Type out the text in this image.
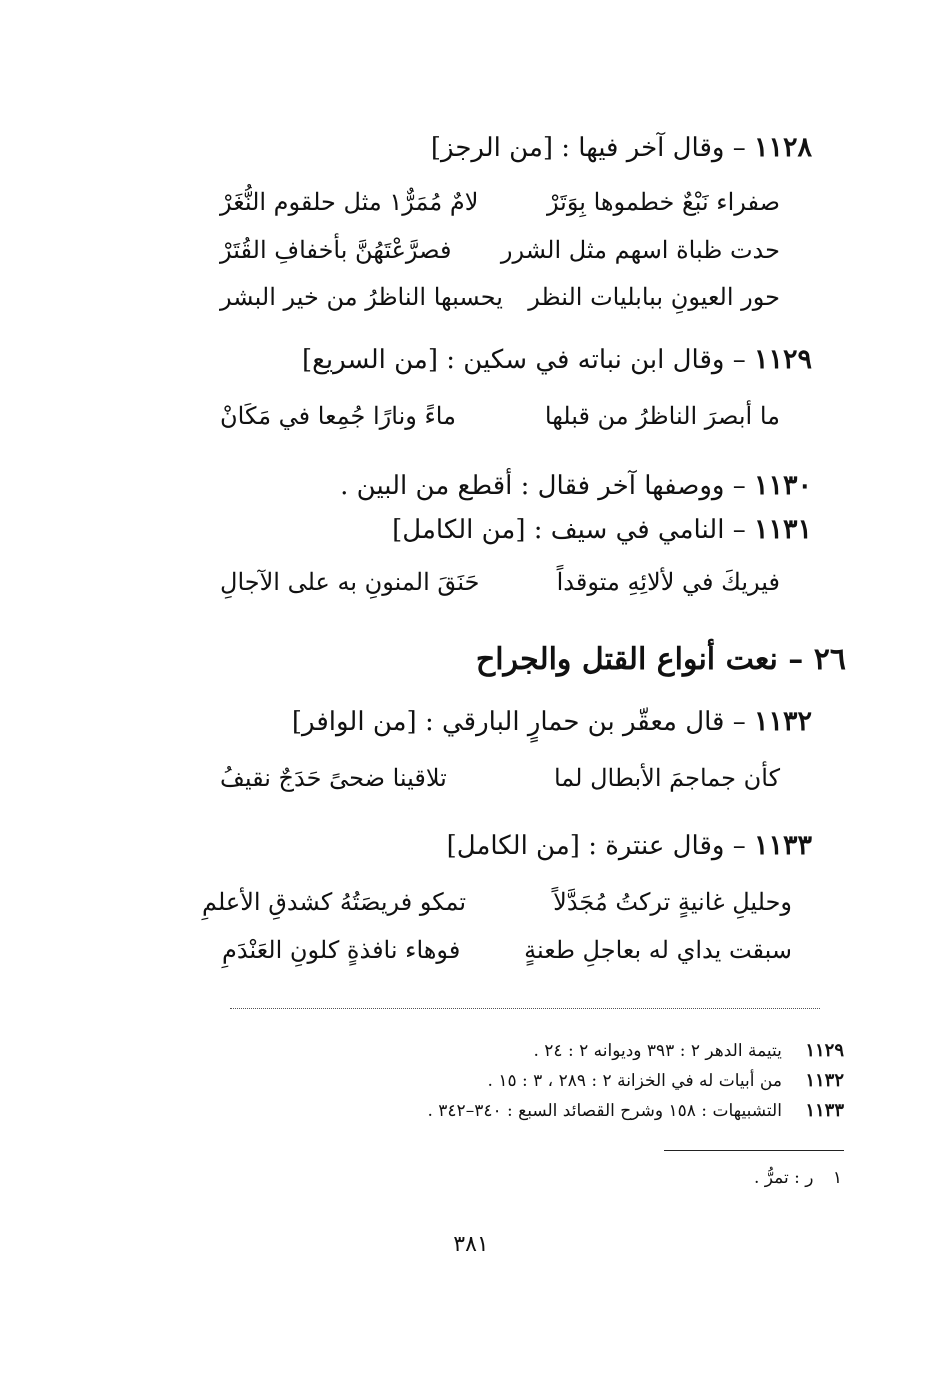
١١٢٨ – وقال آخر فيها : [من الرجز]
صفراء نَبْعٌ خطموها بِوَتَرْ
لامٌ مُمَرٌّ١ مثل حلقوم النُّغَرْ
حدت ظباة اسهم مثل الشرر
فصرَّعْتَهُنَّ بأخفافِ القُتَرْ
حور العيونِ ببابليات النظر
يحسبها الناظرُ من خير البشر
١١٢٩ – وقال ابن نباته في سكين : [من السريع]
ما أبصرَ الناظرُ من قبلها
ماءً ونارًا جُمِعا في مَكَانْ
١١٣٠ – ووصفها آخر فقال : أقطع من البين .
١١٣١ – النامي في سيف : [من الكامل]
فيريكَ في لألائِهِ متوقداً
حَنَقَ المنونِ به على الآجالِ
٢٦ – نعت أنواع القتل والجراح
١١٣٢ – قال معقّر بن حمارٍ البارقي : [من الوافر]
كأن جماجمَ الأبطال لما
تلاقينا ضحىً حَدَجٌ نقيفُ
١١٣٣ – وقال عنترة : [من الكامل]
وحليلِ غانيةٍ تركتُ مُجَدَّلاً
تمكو فريصَتُهُ كشدقِ الأعلمِ
سبقت يداي له بعاجلِ طعنةٍ
فوهاء نافذةٍ كلونِ العَنْدَمِ
١١٢٩ يتيمة الدهر ٢ : ٣٩٣ وديوانه ٢ : ٢٤ .
١١٣٢ من أبيات له في الخزانة ٢ : ٢٨٩ ، ٣ : ١٥ .
١١٣٣ التشبيهات : ١٥٨ وشرح القصائد السبع : ٣٤٠–٣٤٢ .
١ ر : تمرُّ .
٣٨١
